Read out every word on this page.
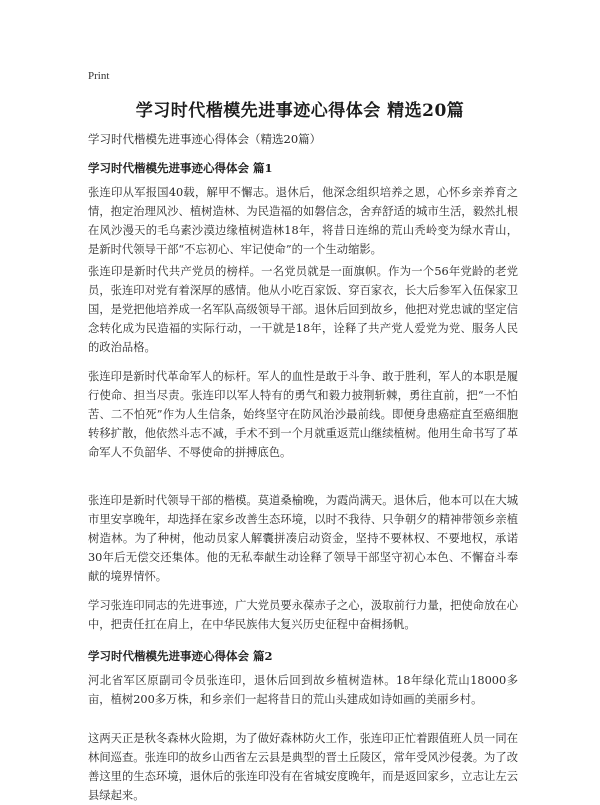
Print
学习时代楷模先进事迹心得体会 精选20篇
学习时代楷模先进事迹心得体会（精选20篇）
学习时代楷模先进事迹心得体会 篇1

张连印从军报国40载，解甲不懈志。退休后，他深念组织培养之恩，心怀乡亲养育之情，抱定治理风沙、植树造林、为民造福的如磐信念，舍弃舒适的城市生活，毅然扎根在风沙漫天的毛乌素沙漠边缘植树造林18年，将昔日连绵的荒山秃岭变为绿水青山，是新时代领导干部“不忘初心、牢记使命”的一个生动缩影。

张连印是新时代共产党员的榜样。一名党员就是一面旗帜。作为一个56年党龄的老党员，张连印对党有着深厚的感情。他从小吃百家饭、穿百家衣，长大后参军入伍保家卫国，是党把他培养成一名军队高级领导干部。退休后回到故乡，他把对党忠诚的坚定信念转化成为民造福的实际行动，一干就是18年，诠释了共产党人爱党为党、服务人民的政治品格。

张连印是新时代革命军人的标杆。军人的血性是敢于斗争、敢于胜利，军人的本职是履行使命、担当尽责。张连印以军人特有的勇气和毅力披荆斩棘，勇往直前，把“一不怕苦、二不怕死”作为人生信条，始终坚守在防风治沙最前线。即便身患癌症直至癌细胞转移扩散，他依然斗志不减，手术不到一个月就重返荒山继续植树。他用生命书写了革命军人不负韶华、不辱使命的拼搏底色。

张连印是新时代领导干部的楷模。莫道桑榆晚，为霞尚满天。退休后，他本可以在大城市里安享晚年，却选择在家乡改善生态环境，以时不我待、只争朝夕的精神带领乡亲植树造林。为了种树，他动员家人解囊拼凑启动资金，坚持不要林权、不要地权，承诺30年后无偿交还集体。他的无私奉献生动诠释了领导干部坚守初心本色、不懈奋斗奉献的境界情怀。

学习张连印同志的先进事迹，广大党员要永葆赤子之心，汲取前行力量，把使命放在心中，把责任扛在肩上，在中华民族伟大复兴历史征程中奋楫扬帆。

学习时代楷模先进事迹心得体会 篇2

河北省军区原副司令员张连印，退休后回到故乡植树造林。18年绿化荒山18000多亩，植树200多万株，和乡亲们一起将昔日的荒山头建成如诗如画的美丽乡村。

这两天正是秋冬森林火险期，为了做好森林防火工作，张连印正忙着跟值班人员一同在林间巡查。张连印的故乡山西省左云县是典型的晋土丘陵区，常年受风沙侵袭。为了改善这里的生态环境，退休后的张连印没有在省城安度晚年，而是返回家乡，立志让左云县绿起来。
